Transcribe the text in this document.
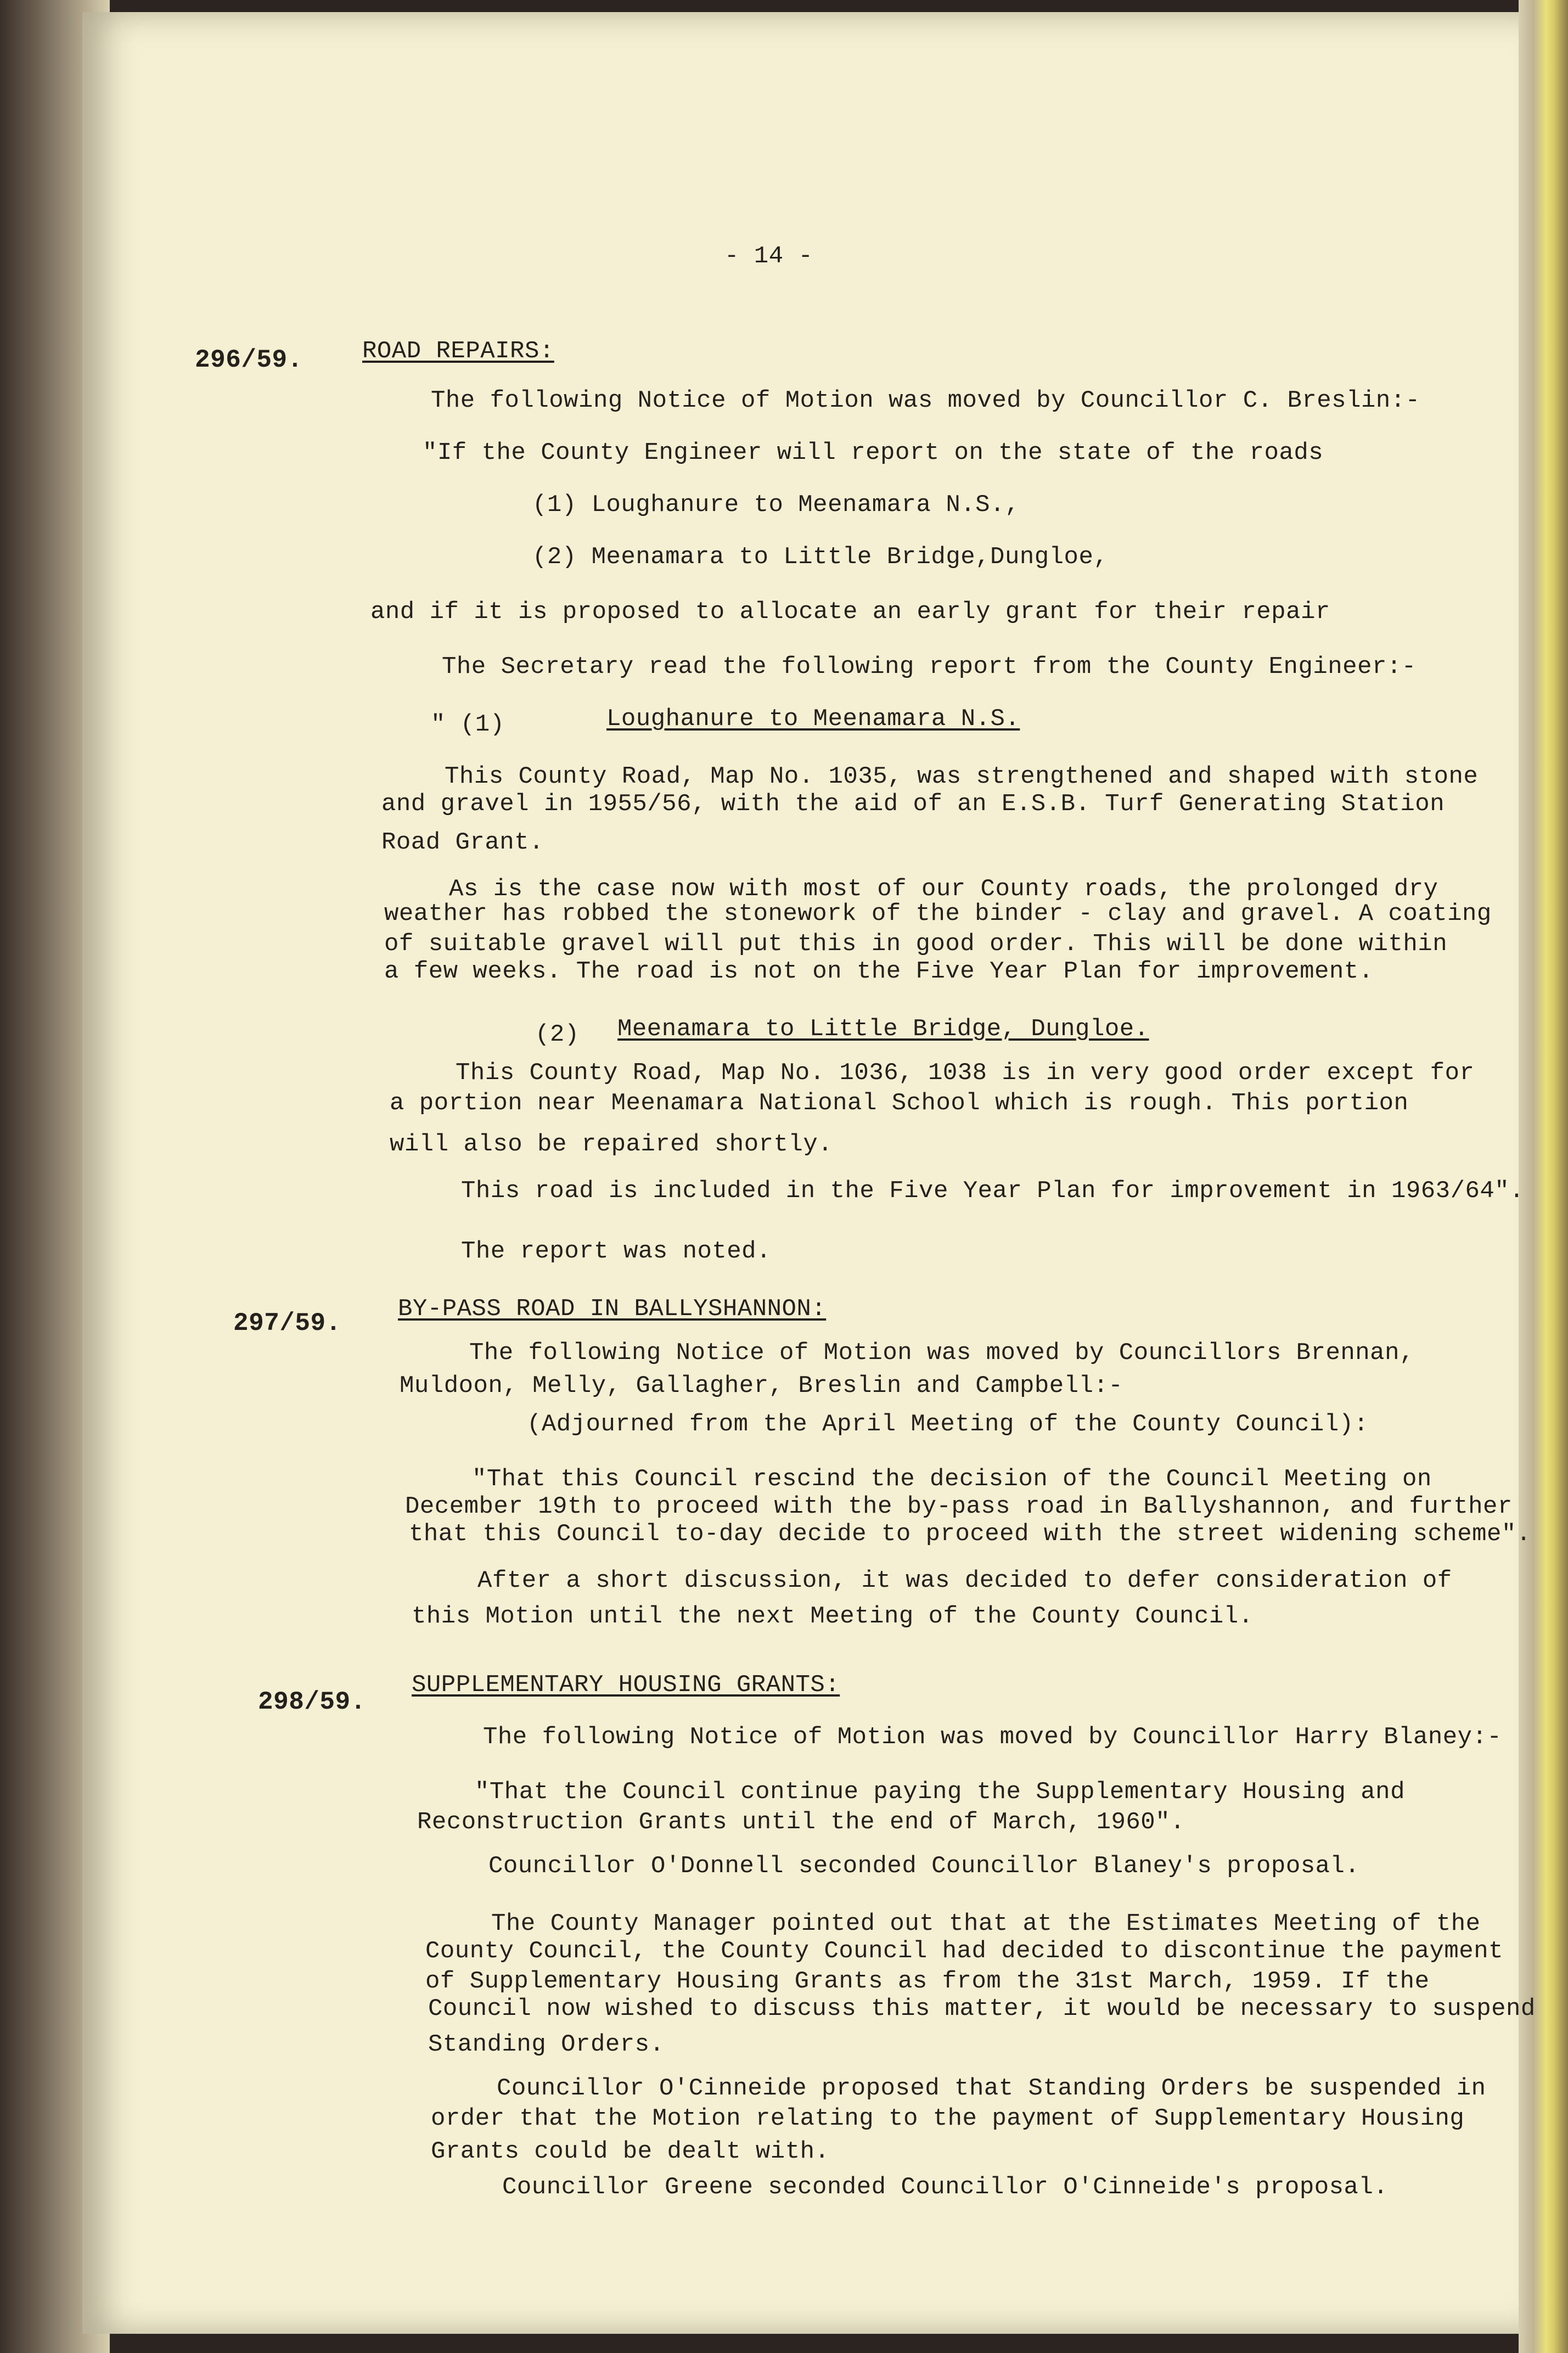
- 14 -
296/59. ROAD REPAIRS:
The following Notice of Motion was moved by Councillor C. Breslin:-
"If the County Engineer will report on the state of the roads
(1) Loughanure to Meenamara N.S.,
(2) Meenamara to Little Bridge,Dungloe,
and if it is proposed to allocate an early grant for their repair
The Secretary read the following report from the County Engineer:-
" (1)	Loughanure to Meenamara N.S.
This County Road, Map No. 1035, was strengthened and shaped with stone
and gravel in 1955/56, with the aid of an E.S.B. Turf Generating Station
Road Grant.
As is the case now with most of our County roads, the prolonged dry
weather has robbed the stonework of the binder - clay and gravel. A coating
of suitable gravel will put this in good order. This will be done within
a few weeks. The road is not on the Five Year Plan for improvement.
(2) Meenamara to Little Bridge, Dungloe.
This County Road, Map No. 1036, 1038 is in very good order except for
a portion near Meenamara National School which is rough. This portion
will also be repaired shortly.
This road is included in the Five Year Plan for improvement in 1963/64".
The report was noted.
297/59. BY-PASS ROAD IN BALLYSHANNON:
The following Notice of Motion was moved by Councillors Brennan,
Muldoon, Melly, Gallagher, Breslin and Campbell:-
(Adjourned from the April Meeting of the County Council):
"That this Council rescind the decision of the Council Meeting on
December 19th to proceed with the by-pass road in Ballyshannon, and further
that this Council to-day decide to proceed with the street widening scheme".
After a short discussion, it was decided to defer consideration of
this Motion until the next Meeting of the County Council.
298/59.
SUPPLEMENTARY HOUSING GRANTS:
The following Notice of Motion was moved by Councillor Harry Blaney:-
"That the Council continue paying the Supplementary Housing and
Reconstruction Grants until the end of March, 1960".
Councillor O'Donnell seconded Councillor Blaney's proposal.
The County Manager pointed out that at the Estimates Meeting of the
County Council, the County Council had decided to discontinue the payment
of Supplementary Housing Grants as from the 31st March, 1959. If the
Council now wished to discuss this matter, it would be necessary to suspend
Standing Orders.
Councillor O'Cinneide proposed that Standing Orders be suspended in
order that the Motion relating to the payment of Supplementary Housing
Grants could be dealt with.
Councillor Greene seconded Councillor O'Cinneide's proposal.
